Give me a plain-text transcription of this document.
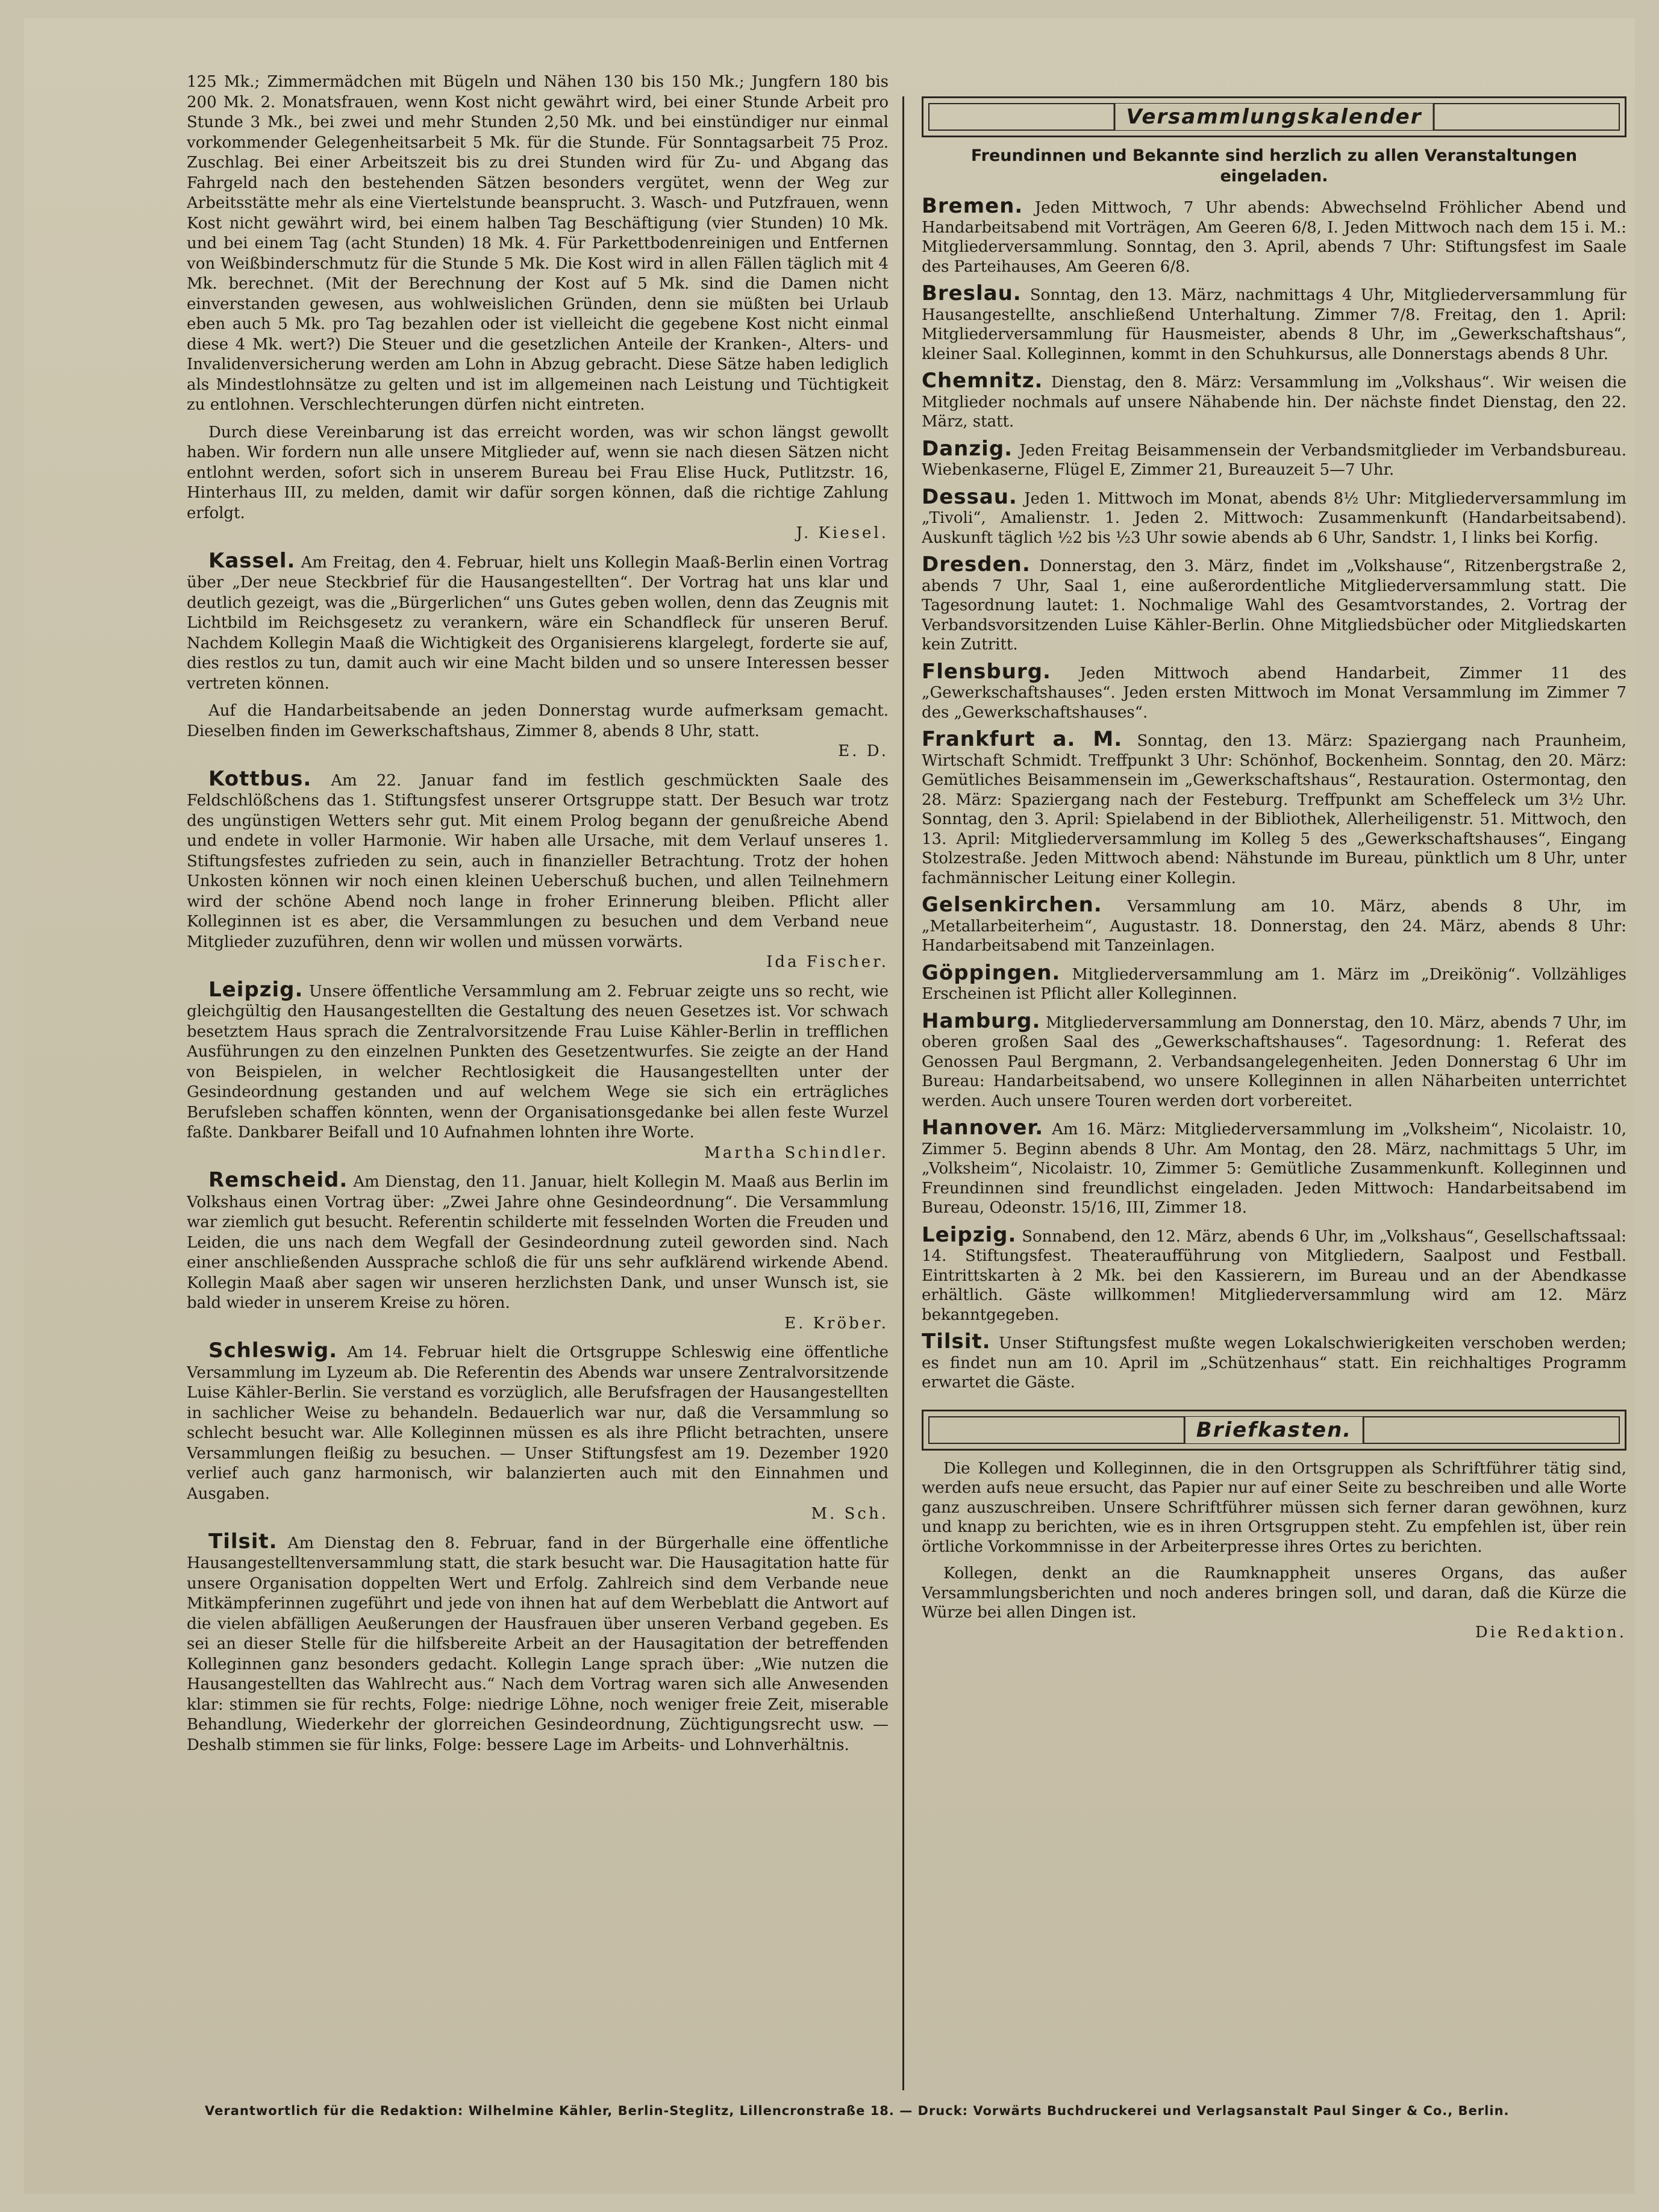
125 Mk.; Zimmermädchen mit Bügeln und Nähen 130 bis 150 Mk.; Jungfern 180 bis 200 Mk. 2. Monatsfrauen, wenn Kost nicht gewährt wird, bei einer Stunde Arbeit pro Stunde 3 Mk., bei zwei und mehr Stunden 2,50 Mk. und bei einstündiger nur einmal vorkommender Gelegenheitsarbeit 5 Mk. für die Stunde. Für Sonntagsarbeit 75 Proz. Zuschlag. Bei einer Arbeitszeit bis zu drei Stunden wird für Zu- und Abgang das Fahrgeld nach den bestehenden Sätzen besonders vergütet, wenn der Weg zur Arbeitsstätte mehr als eine Viertelstunde beansprucht. 3. Wasch- und Putzfrauen, wenn Kost nicht gewährt wird, bei einem halben Tag Beschäftigung (vier Stunden) 10 Mk. und bei einem Tag (acht Stunden) 18 Mk. 4. Für Parkettbodenreinigen und Entfernen von Weißbinderschmutz für die Stunde 5 Mk. Die Kost wird in allen Fällen täglich mit 4 Mk. berechnet. (Mit der Berechnung der Kost auf 5 Mk. sind die Damen nicht einverstanden gewesen, aus wohlweislichen Gründen, denn sie müßten bei Urlaub eben auch 5 Mk. pro Tag bezahlen oder ist vielleicht die gegebene Kost nicht einmal diese 4 Mk. wert?) Die Steuer und die gesetzlichen Anteile der Kranken-, Alters- und Invalidenversicherung werden am Lohn in Abzug gebracht. Diese Sätze haben lediglich als Mindestlohnsätze zu gelten und ist im allgemeinen nach Leistung und Tüchtigkeit zu entlohnen. Verschlechterungen dürfen nicht eintreten.

Durch diese Vereinbarung ist das erreicht worden, was wir schon längst gewollt haben. Wir fordern nun alle unsere Mitglieder auf, wenn sie nach diesen Sätzen nicht entlohnt werden, sofort sich in unserem Bureau bei Frau Elise Huck, Putlitzstr. 16, Hinterhaus III, zu melden, damit wir dafür sorgen können, daß die richtige Zahlung erfolgt.
J. Kiesel.

Kassel. Am Freitag, den 4. Februar, hielt uns Kollegin Maaß-Berlin einen Vortrag über „Der neue Steckbrief für die Hausangestellten“. Der Vortrag hat uns klar und deutlich gezeigt, was die „Bürgerlichen“ uns Gutes geben wollen, denn das Zeugnis mit Lichtbild im Reichsgesetz zu verankern, wäre ein Schandfleck für unseren Beruf. Nachdem Kollegin Maaß die Wichtigkeit des Organisierens klargelegt, forderte sie auf, dies restlos zu tun, damit auch wir eine Macht bilden und so unsere Interessen besser vertreten können.

Auf die Handarbeitsabende an jeden Donnerstag wurde aufmerksam gemacht. Dieselben finden im Gewerkschaftshaus, Zimmer 8, abends 8 Uhr, statt.
E. D.

Kottbus. Am 22. Januar fand im festlich geschmückten Saale des Feldschlößchens das 1. Stiftungsfest unserer Ortsgruppe statt. Der Besuch war trotz des ungünstigen Wetters sehr gut. Mit einem Prolog begann der genußreiche Abend und endete in voller Harmonie. Wir haben alle Ursache, mit dem Verlauf unseres 1. Stiftungsfestes zufrieden zu sein, auch in finanzieller Betrachtung. Trotz der hohen Unkosten können wir noch einen kleinen Ueberschuß buchen, und allen Teilnehmern wird der schöne Abend noch lange in froher Erinnerung bleiben. Pflicht aller Kolleginnen ist es aber, die Versammlungen zu besuchen und dem Verband neue Mitglieder zuzuführen, denn wir wollen und müssen vorwärts.
Ida Fischer.

Leipzig. Unsere öffentliche Versammlung am 2. Februar zeigte uns so recht, wie gleichgültig den Hausangestellten die Gestaltung des neuen Gesetzes ist. Vor schwach besetztem Haus sprach die Zentralvorsitzende Frau Luise Kähler-Berlin in trefflichen Ausführungen zu den einzelnen Punkten des Gesetzentwurfes. Sie zeigte an der Hand von Beispielen, in welcher Rechtlosigkeit die Hausangestellten unter der Gesindeordnung gestanden und auf welchem Wege sie sich ein erträgliches Berufsleben schaffen könnten, wenn der Organisationsgedanke bei allen feste Wurzel faßte. Dankbarer Beifall und 10 Aufnahmen lohnten ihre Worte.
Martha Schindler.

Remscheid. Am Dienstag, den 11. Januar, hielt Kollegin M. Maaß aus Berlin im Volkshaus einen Vortrag über: „Zwei Jahre ohne Gesindeordnung“. Die Versammlung war ziemlich gut besucht. Referentin schilderte mit fesselnden Worten die Freuden und Leiden, die uns nach dem Wegfall der Gesindeordnung zuteil geworden sind. Nach einer anschließenden Aussprache schloß die für uns sehr aufklärend wirkende Abend. Kollegin Maaß aber sagen wir unseren herzlichsten Dank, und unser Wunsch ist, sie bald wieder in unserem Kreise zu hören.
E. Kröber.

Schleswig. Am 14. Februar hielt die Ortsgruppe Schleswig eine öffentliche Versammlung im Lyzeum ab. Die Referentin des Abends war unsere Zentralvorsitzende Luise Kähler-Berlin. Sie verstand es vorzüglich, alle Berufsfragen der Hausangestellten in sachlicher Weise zu behandeln. Bedauerlich war nur, daß die Versammlung so schlecht besucht war. Alle Kolleginnen müssen es als ihre Pflicht betrachten, unsere Versammlungen fleißig zu besuchen. — Unser Stiftungsfest am 19. Dezember 1920 verlief auch ganz harmonisch, wir balanzierten auch mit den Einnahmen und Ausgaben.
M. Sch.

Tilsit. Am Dienstag den 8. Februar, fand in der Bürgerhalle eine öffentliche Hausangestelltenversammlung statt, die stark besucht war. Die Hausagitation hatte für unsere Organisation doppelten Wert und Erfolg. Zahlreich sind dem Verbande neue Mitkämpferinnen zugeführt und jede von ihnen hat auf dem Werbeblatt die Antwort auf die vielen abfälligen Aeußerungen der Hausfrauen über unseren Verband gegeben. Es sei an dieser Stelle für die hilfsbereite Arbeit an der Hausagitation der betreffenden Kolleginnen ganz besonders gedacht. Kollegin Lange sprach über: „Wie nutzen die Hausangestellten das Wahlrecht aus.“ Nach dem Vortrag waren sich alle Anwesenden klar: stimmen sie für rechts, Folge: niedrige Löhne, noch weniger freie Zeit, miserable Behandlung, Wiederkehr der glorreichen Gesindeordnung, Züchtigungsrecht usw. — Deshalb stimmen sie für links, Folge: bessere Lage im Arbeits- und Lohnverhältnis.

Versammlungskalender
Freundinnen und Bekannte sind herzlich zu allen Veranstaltungen eingeladen.

Bremen. Jeden Mittwoch, 7 Uhr abends: Abwechselnd Fröhlicher Abend und Handarbeitsabend mit Vorträgen, Am Geeren 6/8, I. Jeden Mittwoch nach dem 15 i. M.: Mitgliederversammlung. Sonntag, den 3. April, abends 7 Uhr: Stiftungsfest im Saale des Parteihauses, Am Geeren 6/8.

Breslau. Sonntag, den 13. März, nachmittags 4 Uhr, Mitgliederversammlung für Hausangestellte, anschließend Unterhaltung. Zimmer 7/8. Freitag, den 1. April: Mitgliederversammlung für Hausmeister, abends 8 Uhr, im „Gewerkschaftshaus“, kleiner Saal. Kolleginnen, kommt in den Schuhkursus, alle Donnerstags abends 8 Uhr.

Chemnitz. Dienstag, den 8. März: Versammlung im „Volkshaus“. Wir weisen die Mitglieder nochmals auf unsere Nähabende hin. Der nächste findet Dienstag, den 22. März, statt.

Danzig. Jeden Freitag Beisammensein der Verbandsmitglieder im Verbandsbureau. Wiebenkaserne, Flügel E, Zimmer 21, Bureauzeit 5—7 Uhr.

Dessau. Jeden 1. Mittwoch im Monat, abends 8½ Uhr: Mitgliederversammlung im „Tivoli“, Amalienstr. 1. Jeden 2. Mittwoch: Zusammenkunft (Handarbeitsabend). Auskunft täglich ½2 bis ½3 Uhr sowie abends ab 6 Uhr, Sandstr. 1, I links bei Korfig.

Dresden. Donnerstag, den 3. März, findet im „Volkshause“, Ritzenbergstraße 2, abends 7 Uhr, Saal 1, eine außerordentliche Mitgliederversammlung statt. Die Tagesordnung lautet: 1. Nochmalige Wahl des Gesamtvorstandes, 2. Vortrag der Verbandsvorsitzenden Luise Kähler-Berlin. Ohne Mitgliedsbücher oder Mitgliedskarten kein Zutritt.

Flensburg. Jeden Mittwoch abend Handarbeit, Zimmer 11 des „Gewerkschaftshauses“. Jeden ersten Mittwoch im Monat Versammlung im Zimmer 7 des „Gewerkschaftshauses“.

Frankfurt a. M. Sonntag, den 13. März: Spaziergang nach Praunheim, Wirtschaft Schmidt. Treffpunkt 3 Uhr: Schönhof, Bockenheim. Sonntag, den 20. März: Gemütliches Beisammensein im „Gewerkschaftshaus“, Restauration. Ostermontag, den 28. März: Spaziergang nach der Festeburg. Treffpunkt am Scheffeleck um 3½ Uhr. Sonntag, den 3. April: Spielabend in der Bibliothek, Allerheiligenstr. 51. Mittwoch, den 13. April: Mitgliederversammlung im Kolleg 5 des „Gewerkschaftshauses“, Eingang Stolzestraße. Jeden Mittwoch abend: Nähstunde im Bureau, pünktlich um 8 Uhr, unter fachmännischer Leitung einer Kollegin.

Gelsenkirchen. Versammlung am 10. März, abends 8 Uhr, im „Metallarbeiterheim“, Augustastr. 18. Donnerstag, den 24. März, abends 8 Uhr: Handarbeitsabend mit Tanzeinlagen.

Göppingen. Mitgliederversammlung am 1. März im „Dreikönig“. Vollzähliges Erscheinen ist Pflicht aller Kolleginnen.

Hamburg. Mitgliederversammlung am Donnerstag, den 10. März, abends 7 Uhr, im oberen großen Saal des „Gewerkschaftshauses“. Tagesordnung: 1. Referat des Genossen Paul Bergmann, 2. Verbandsangelegenheiten. Jeden Donnerstag 6 Uhr im Bureau: Handarbeitsabend, wo unsere Kolleginnen in allen Näharbeiten unterrichtet werden. Auch unsere Touren werden dort vorbereitet.

Hannover. Am 16. März: Mitgliederversammlung im „Volksheim“, Nicolaistr. 10, Zimmer 5. Beginn abends 8 Uhr. Am Montag, den 28. März, nachmittags 5 Uhr, im „Volksheim“, Nicolaistr. 10, Zimmer 5: Gemütliche Zusammenkunft. Kolleginnen und Freundinnen sind freundlichst eingeladen. Jeden Mittwoch: Handarbeitsabend im Bureau, Odeonstr. 15/16, III, Zimmer 18.

Leipzig. Sonnabend, den 12. März, abends 6 Uhr, im „Volkshaus“, Gesellschaftssaal: 14. Stiftungsfest. Theateraufführung von Mitgliedern, Saalpost und Festball. Eintrittskarten à 2 Mk. bei den Kassierern, im Bureau und an der Abendkasse erhältlich. Gäste willkommen! Mitgliederversammlung wird am 12. März bekanntgegeben.

Tilsit. Unser Stiftungsfest mußte wegen Lokalschwierigkeiten verschoben werden; es findet nun am 10. April im „Schützenhaus“ statt. Ein reichhaltiges Programm erwartet die Gäste.

Briefkasten.

Die Kollegen und Kolleginnen, die in den Ortsgruppen als Schriftführer tätig sind, werden aufs neue ersucht, das Papier nur auf einer Seite zu beschreiben und alle Worte ganz auszuschreiben. Unsere Schriftführer müssen sich ferner daran gewöhnen, kurz und knapp zu berichten, wie es in ihren Ortsgruppen steht. Zu empfehlen ist, über rein örtliche Vorkommnisse in der Arbeiterpresse ihres Ortes zu berichten.

Kollegen, denkt an die Raumknappheit unseres Organs, das außer Versammlungsberichten und noch anderes bringen soll, und daran, daß die Kürze die Würze bei allen Dingen ist.
Die Redaktion.

Verantwortlich für die Redaktion: Wilhelmine Kähler, Berlin-Steglitz, Lillencronstraße 18. — Druck: Vorwärts Buchdruckerei und Verlagsanstalt Paul Singer & Co., Berlin.
